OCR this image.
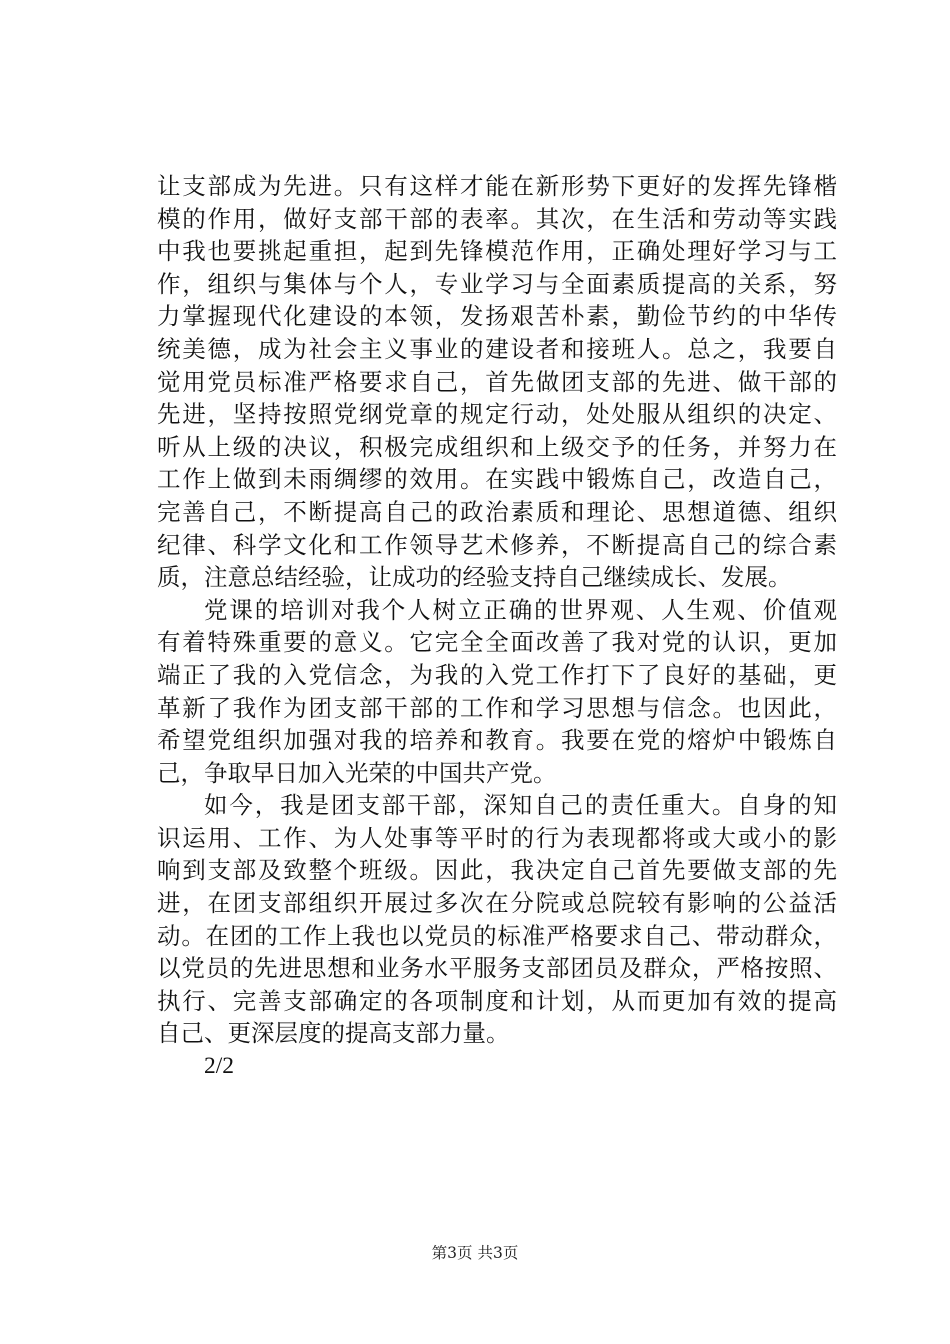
让支部成为先进。只有这样才能在新形势下更好的发挥先锋楷
模的作用，做好支部干部的表率。其次，在生活和劳动等实践
中我也要挑起重担，起到先锋模范作用，正确处理好学习与工
作，组织与集体与个人，专业学习与全面素质提高的关系，努
力掌握现代化建设的本领，发扬艰苦朴素，勤俭节约的中华传
统美德，成为社会主义事业的建设者和接班人。总之，我要自
觉用党员标准严格要求自己，首先做团支部的先进、做干部的
先进，坚持按照党纲党章的规定行动，处处服从组织的决定、
听从上级的决议，积极完成组织和上级交予的任务，并努力在
工作上做到未雨绸缪的效用。在实践中锻炼自己，改造自己，
完善自己，不断提高自己的政治素质和理论、思想道德、组织
纪律、科学文化和工作领导艺术修养，不断提高自己的综合素
质，注意总结经验，让成功的经验支持自己继续成长、发展。
党课的培训对我个人树立正确的世界观、人生观、价值观
有着特殊重要的意义。它完全全面改善了我对党的认识，更加
端正了我的入党信念，为我的入党工作打下了良好的基础，更
革新了我作为团支部干部的工作和学习思想与信念。也因此，
希望党组织加强对我的培养和教育。我要在党的熔炉中锻炼自
己，争取早日加入光荣的中国共产党。
如今，我是团支部干部，深知自己的责任重大。自身的知
识运用、工作、为人处事等平时的行为表现都将或大或小的影
响到支部及致整个班级。因此，我决定自己首先要做支部的先
进，在团支部组织开展过多次在分院或总院较有影响的公益活
动。在团的工作上我也以党员的标准严格要求自己、带动群众，
以党员的先进思想和业务水平服务支部团员及群众，严格按照、
执行、完善支部确定的各项制度和计划，从而更加有效的提高
自己、更深层度的提高支部力量。
2/2
第3页 共3页
